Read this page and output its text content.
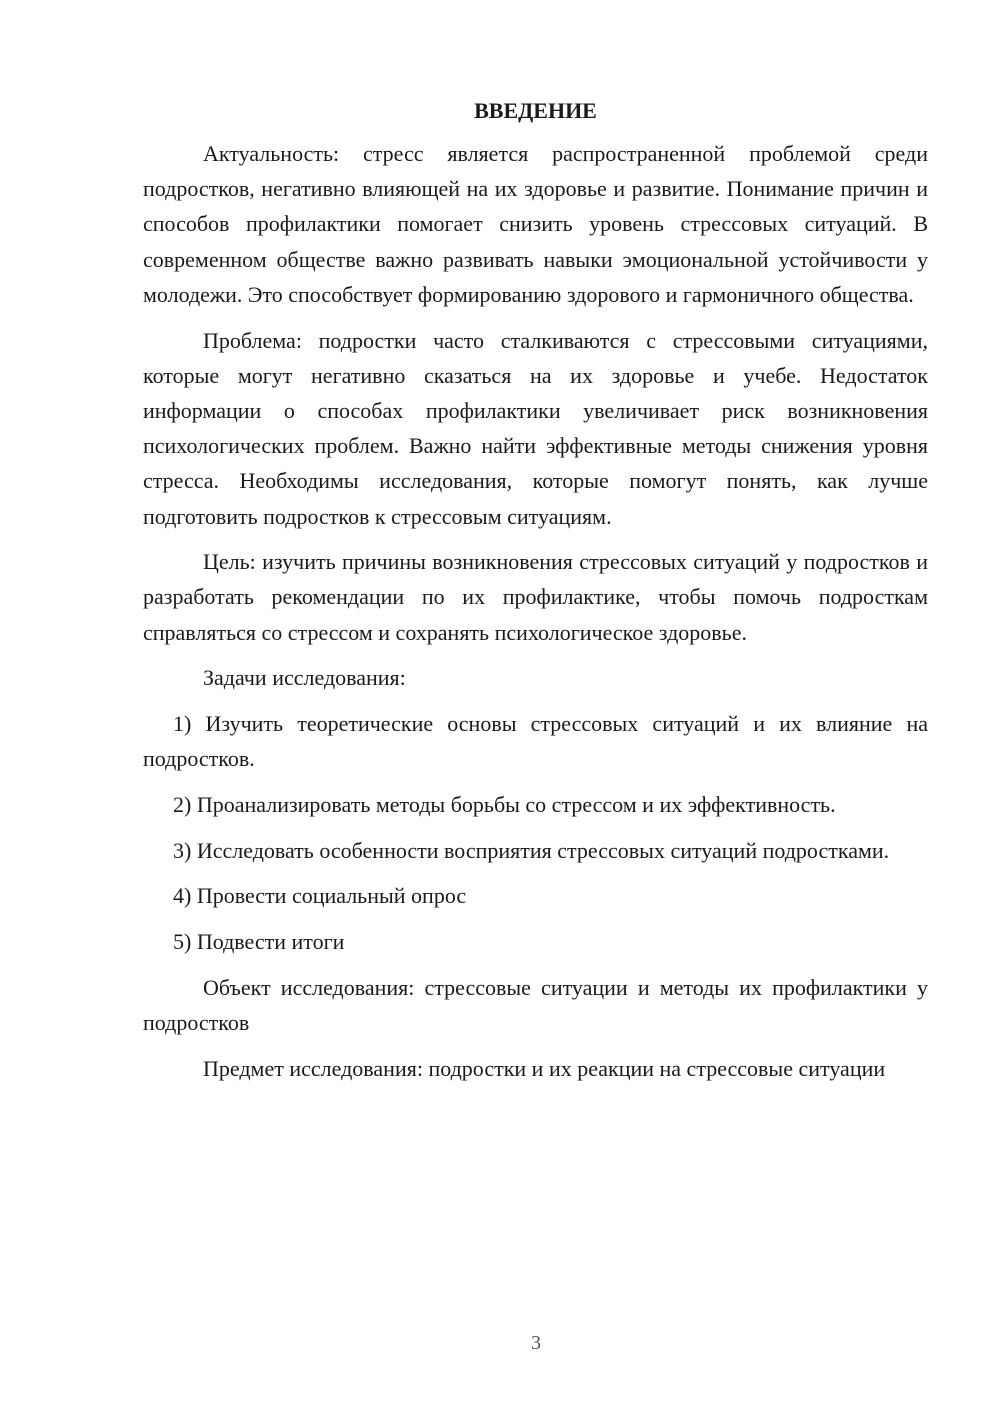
ВВЕДЕНИЕ

Актуальность: стресс является распространенной проблемой среди подростков, негативно влияющей на их здоровье и развитие. Понимание причин и способов профилактики помогает снизить уровень стрессовых ситуаций. В современном обществе важно развивать навыки эмоциональной устойчивости у молодежи. Это способствует формированию здорового и гармоничного общества.

Проблема: подростки часто сталкиваются с стрессовыми ситуациями, которые могут негативно сказаться на их здоровье и учебе. Недостаток информации о способах профилактики увеличивает риск возникновения психологических проблем. Важно найти эффективные методы снижения уровня стресса. Необходимы исследования, которые помогут понять, как лучше подготовить подростков к стрессовым ситуациям.

Цель: изучить причины возникновения стрессовых ситуаций у подростков и разработать рекомендации по их профилактике, чтобы помочь подросткам справляться со стрессом и сохранять психологическое здоровье.

Задачи исследования:

1) Изучить теоретические основы стрессовых ситуаций и их влияние на подростков.

2) Проанализировать методы борьбы со стрессом и их эффективность.

3) Исследовать особенности восприятия стрессовых ситуаций подростками.

4) Провести социальный опрос

5) Подвести итоги

Объект исследования: стрессовые ситуации и методы их профилактики у подростков

Предмет исследования: подростки и их реакции на стрессовые ситуации

3
